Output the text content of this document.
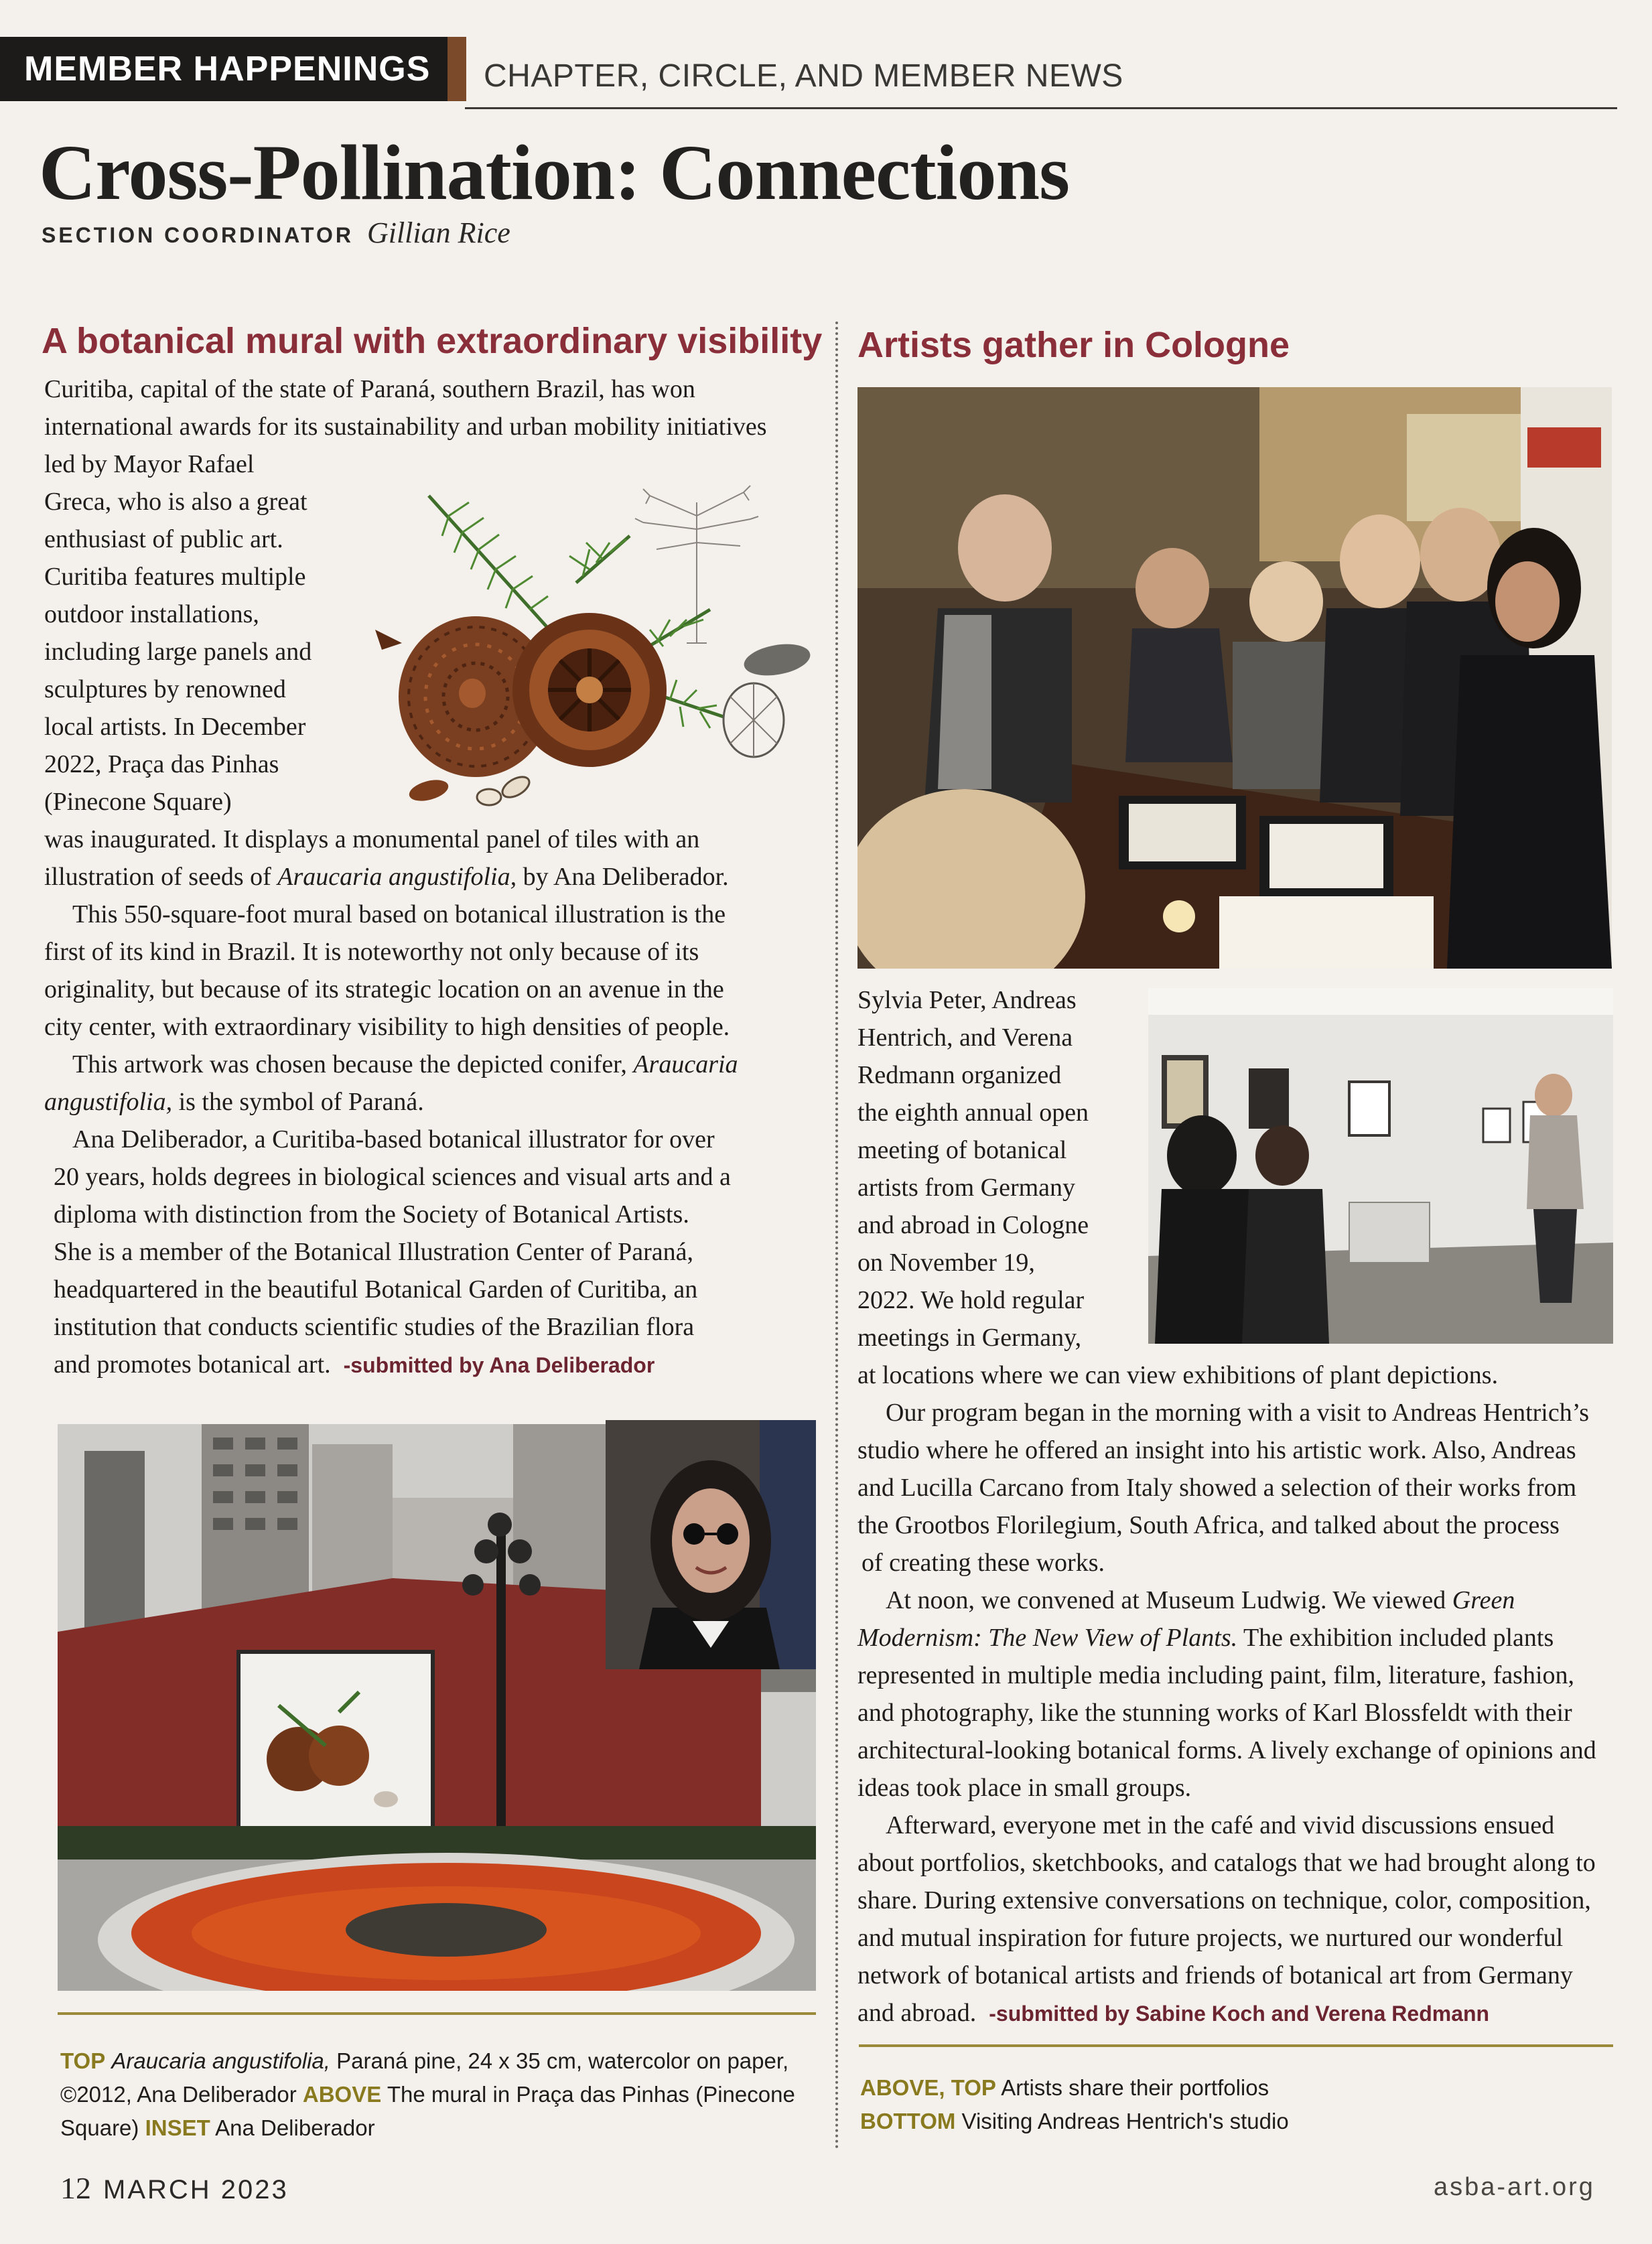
MEMBER HAPPENINGS	CHAPTER, CIRCLE, AND MEMBER NEWS
Cross-Pollination: Connections
SECTION COORDINATOR Gillian Rice
A botanical mural with extraordinary visibility

Curitiba, capital of the state of Paraná, southern Brazil, has won

international awards for its sustainability and urban mobility initiatives

led by Mayor Rafael

Greca, who is also a great

enthusiast of public art.

Curitiba features multiple

outdoor installations,

including large panels and

sculptures by renowned

local artists. In December

2022, Praça das Pinhas

(Pinecone Square)

was inaugurated. It displays a monumental panel of tiles with an

illustration of seeds of Araucaria angustifolia, by Ana Deliberador.

This 550-square-foot mural based on botanical illustration is the

first of its kind in Brazil. It is noteworthy not only because of its

originality, but because of its strategic location on an avenue in the

city center, with extraordinary visibility to high densities of people.

This artwork was chosen because the depicted conifer, Araucaria

angustifolia, is the symbol of Paraná.

Ana Deliberador, a Curitiba-based botanical illustrator for over

20 years, holds degrees in biological sciences and visual arts and a

diploma with distinction from the Society of Botanical Artists.

She is a member of the Botanical Illustration Center of Paraná,

headquartered in the beautiful Botanical Garden of Curitiba, an

institution that conducts scientific studies of the Brazilian flora

and promotes botanical art. -submitted by Ana Deliberador

TOP Araucaria angustifolia, Paraná pine, 24 x 35 cm, watercolor on paper,
©2012, Ana Deliberador ABOVE The mural in Praça das Pinhas (Pinecone
Square) INSET Ana Deliberador
Artists gather in Cologne

Sylvia Peter, Andreas

Hentrich, and Verena

Redmann organized

the eighth annual open

meeting of botanical

artists from Germany

and abroad in Cologne

on November 19,

2022. We hold regular

meetings in Germany,

at locations where we can view exhibitions of plant depictions.

Our program began in the morning with a visit to Andreas Hentrich’s

studio where he offered an insight into his artistic work. Also, Andreas

and Lucilla Carcano from Italy showed a selection of their works from

the Grootbos Florilegium, South Africa, and talked about the process

of creating these works.

At noon, we convened at Museum Ludwig. We viewed Green

Modernism: The New View of Plants. The exhibition included plants

represented in multiple media including paint, film, literature, fashion,

and photography, like the stunning works of Karl Blossfeldt with their

architectural-looking botanical forms. A lively exchange of opinions and

ideas took place in small groups.

Afterward, everyone met in the café and vivid discussions ensued

about portfolios, sketchbooks, and catalogs that we had brought along to

share. During extensive conversations on technique, color, composition,

and mutual inspiration for future projects, we nurtured our wonderful

network of botanical artists and friends of botanical art from Germany

and abroad. -submitted by Sabine Koch and Verena Redmann

ABOVE, TOP Artists share their portfolios
BOTTOM Visiting Andreas Hentrich's studio
12 MARCH 2023	asba-art.org
